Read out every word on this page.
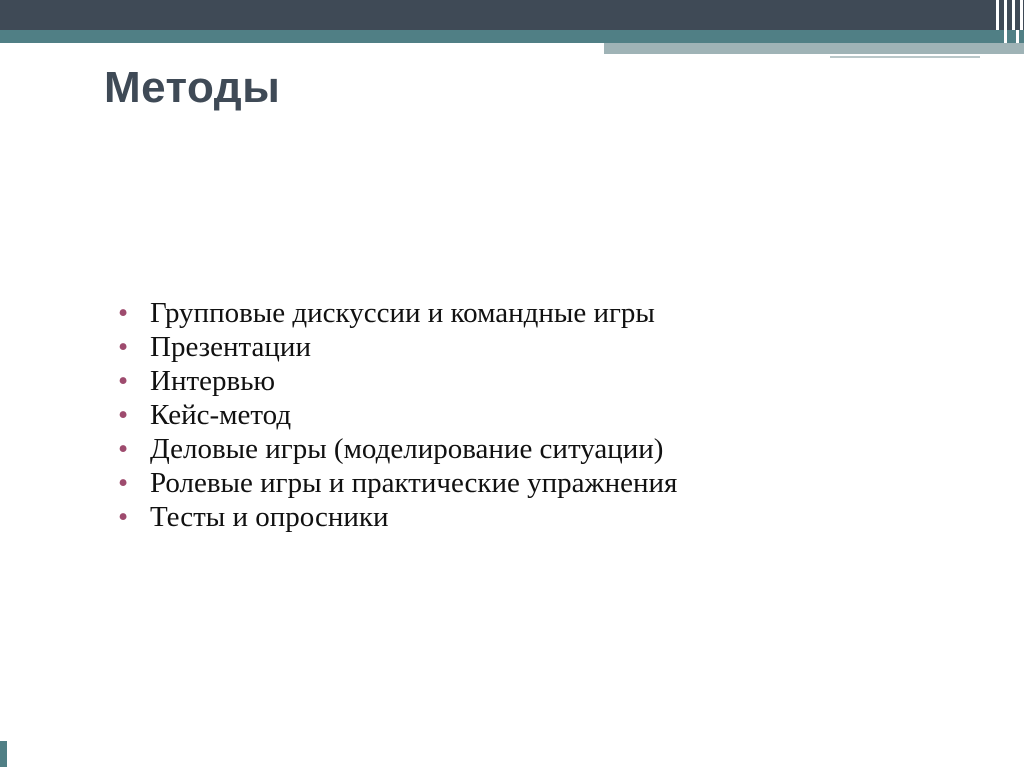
Методы
• Групповые дискуссии и командные игры
• Презентации
• Интервью
• Кейс-метод
• Деловые игры (моделирование ситуации)
• Ролевые игры и практические упражнения
• Тесты и опросники
